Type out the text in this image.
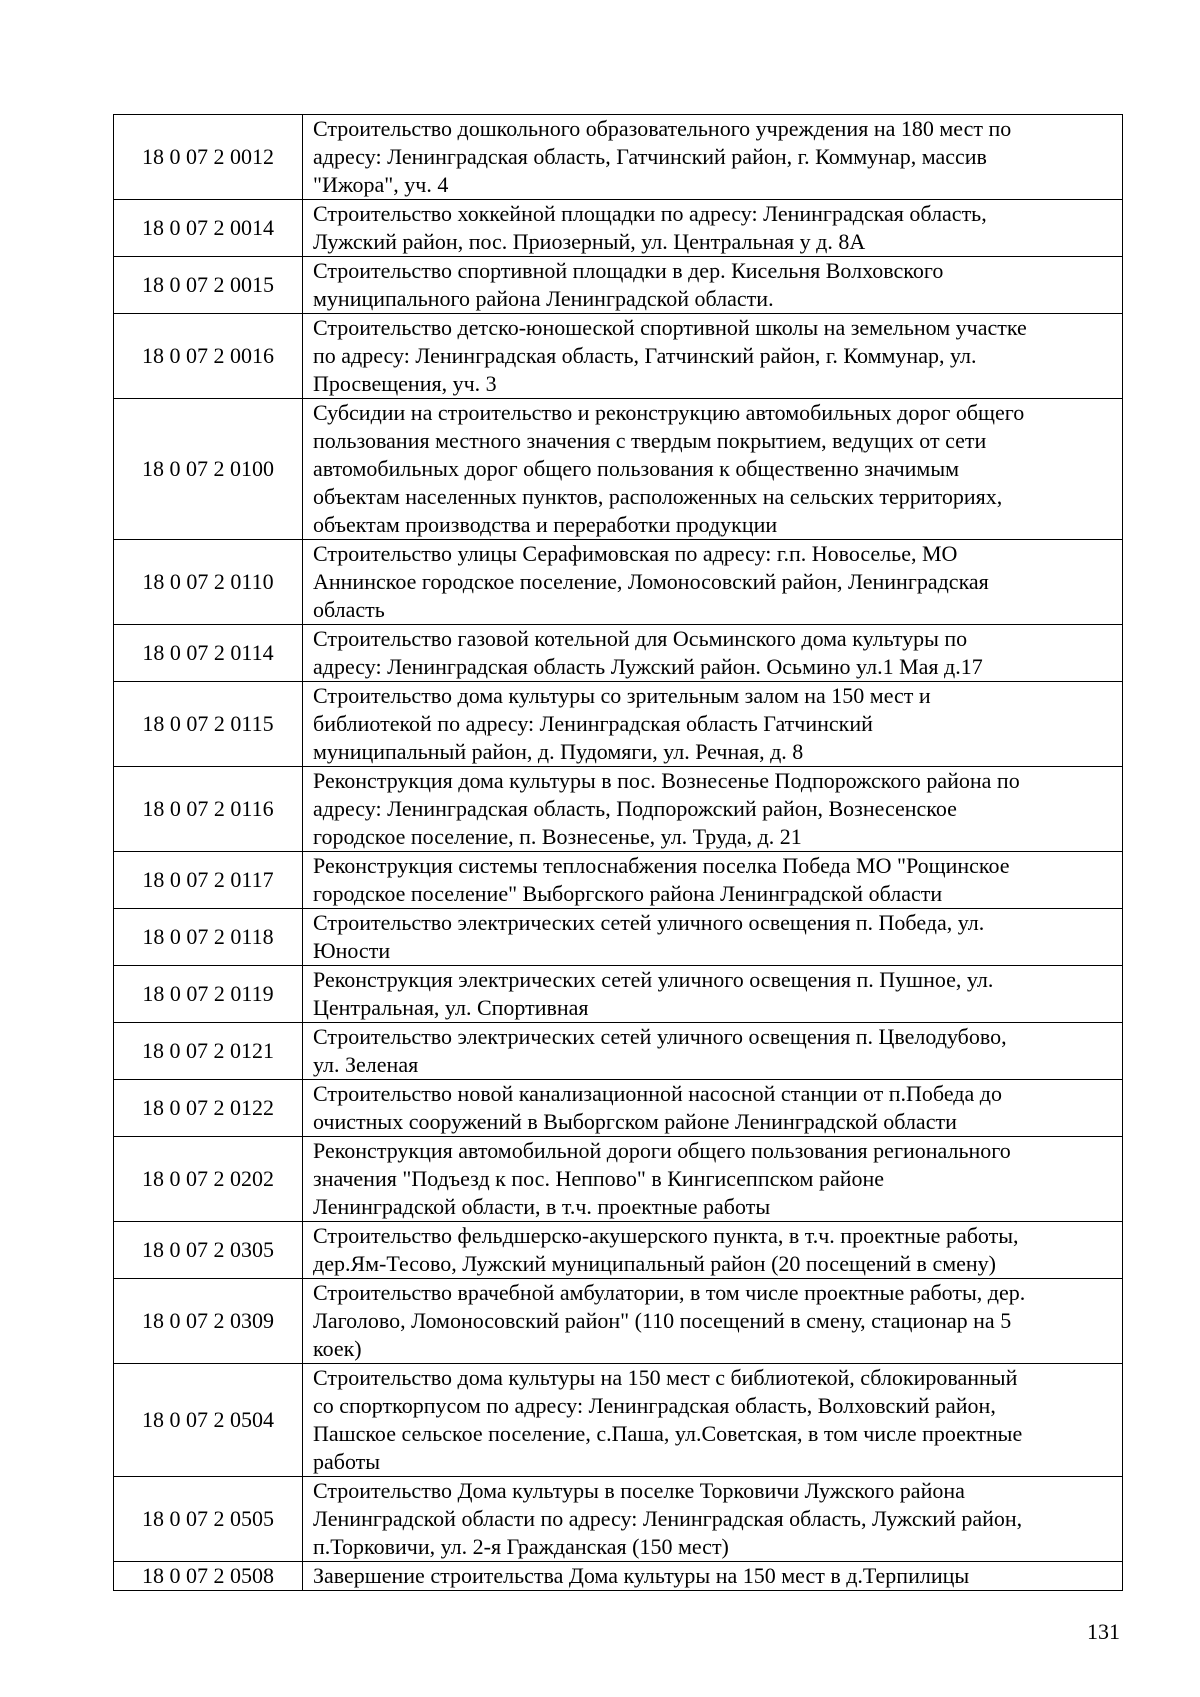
18 0 07 2 0012	Строительство дошкольного образовательного учреждения на 180 мест по
адресу: Ленинградская область, Гатчинский район, г. Коммунар, массив
"Ижора", уч. 4

18 0 07 2 0014	Строительство хоккейной площадки по адресу: Ленинградская область,
Лужский район, пос. Приозерный, ул. Центральная у д. 8А

18 0 07 2 0015	Строительство спортивной площадки в дер. Кисельня Волховского
муниципального района Ленинградской области.

18 0 07 2 0016	Строительство детско-юношеской спортивной школы на земельном участке
по адресу: Ленинградская область, Гатчинский район, г. Коммунар, ул.
Просвещения, уч. 3

18 0 07 2 0100	Субсидии на строительство и реконструкцию автомобильных дорог общего
пользования местного значения с твердым покрытием, ведущих от сети
автомобильных дорог общего пользования к общественно значимым
объектам населенных пунктов, расположенных на сельских территориях,
объектам производства и переработки продукции

18 0 07 2 0110	Строительство улицы Серафимовская по адресу: г.п. Новоселье, МО
Аннинское городское поселение, Ломоносовский район, Ленинградская
область

18 0 07 2 0114	Строительство газовой котельной для Осьминского дома культуры по
адресу: Ленинградская область Лужский район. Осьмино ул.1 Мая д.17

18 0 07 2 0115	Строительство дома культуры со зрительным залом на 150 мест и
библиотекой по адресу: Ленинградская область Гатчинский
муниципальный район, д. Пудомяги, ул. Речная, д. 8

18 0 07 2 0116	Реконструкция дома культуры в пос. Вознесенье Подпорожского района по
адресу: Ленинградская область, Подпорожский район, Вознесенское
городское поселение, п. Вознесенье, ул. Труда, д. 21

18 0 07 2 0117	Реконструкция системы теплоснабжения поселка Победа МО "Рощинское
городское поселение" Выборгского района Ленинградской области

18 0 07 2 0118	Строительство электрических сетей уличного освещения п. Победа, ул.
Юности

18 0 07 2 0119	Реконструкция электрических сетей уличного освещения п. Пушное, ул.
Центральная, ул. Спортивная

18 0 07 2 0121	Строительство электрических сетей уличного освещения п. Цвелодубово,
ул. Зеленая

18 0 07 2 0122	Строительство новой канализационной насосной станции от п.Победа до
очистных сооружений в Выборгском районе Ленинградской области

18 0 07 2 0202	Реконструкция автомобильной дороги общего пользования регионального
значения "Подъезд к пос. Неппово" в Кингисеппском районе
Ленинградской области, в т.ч. проектные работы

18 0 07 2 0305	Строительство фельдшерско-акушерского пункта, в т.ч. проектные работы,
дер.Ям-Тесово, Лужский муниципальный район (20 посещений в смену)

18 0 07 2 0309	Строительство врачебной амбулатории, в том числе проектные работы, дер.
Лаголово, Ломоносовский район" (110 посещений в смену, стационар на 5
коек)

18 0 07 2 0504	Строительство дома культуры на 150 мест с библиотекой, сблокированный
со спорткорпусом по адресу: Ленинградская область, Волховский район,
Пашское сельское поселение, с.Паша, ул.Советская, в том числе проектные
работы

18 0 07 2 0505	Строительство Дома культуры в поселке Торковичи Лужского района
Ленинградской области по адресу: Ленинградская область, Лужский район,
п.Торковичи, ул. 2-я Гражданская (150 мест)

18 0 07 2 0508	Завершение строительства Дома культуры на 150 мест в д.Терпилицы
131
